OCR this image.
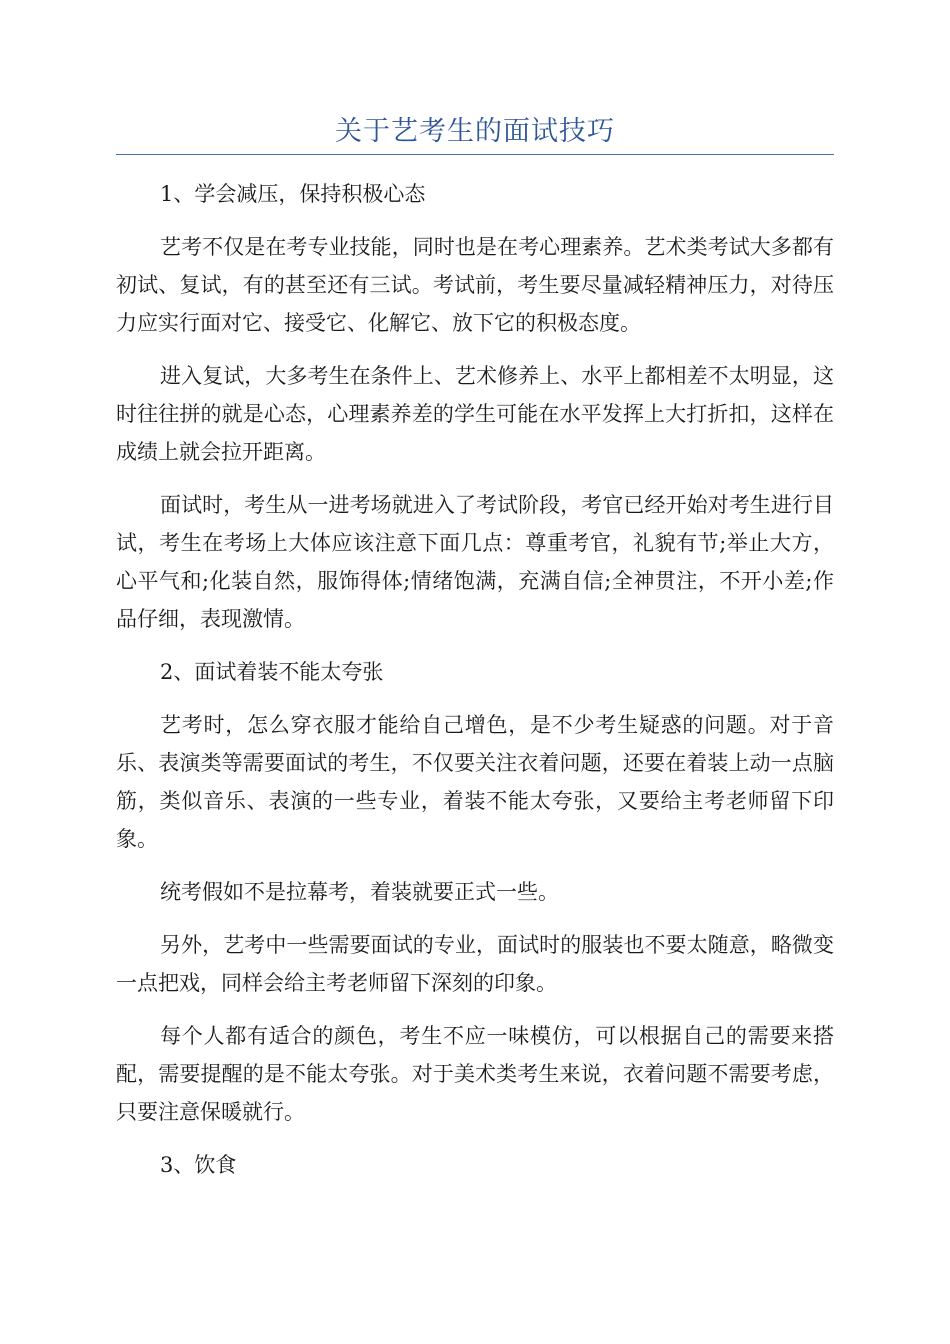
关于艺考生的面试技巧
1、学会减压，保持积极心态

艺考不仅是在考专业技能，同时也是在考心理素养。艺术类考试大多都有初试、复试，有的甚至还有三试。考试前，考生要尽量减轻精神压力，对待压力应实行面对它、接受它、化解它、放下它的积极态度。

进入复试，大多考生在条件上、艺术修养上、水平上都相差不太明显，这时往往拼的就是心态，心理素养差的学生可能在水平发挥上大打折扣，这样在成绩上就会拉开距离。

面试时，考生从一进考场就进入了考试阶段，考官已经开始对考生进行目试，考生在考场上大体应该注意下面几点：尊重考官，礼貌有节;举止大方，心平气和;化装自然，服饰得体;情绪饱满，充满自信;全神贯注，不开小差;作品仔细，表现激情。

2、面试着装不能太夸张

艺考时，怎么穿衣服才能给自己增色，是不少考生疑惑的问题。对于音乐、表演类等需要面试的考生，不仅要关注衣着问题，还要在着装上动一点脑筋，类似音乐、表演的一些专业，着装不能太夸张，又要给主考老师留下印象。

统考假如不是拉幕考，着装就要正式一些。

另外，艺考中一些需要面试的专业，面试时的服装也不要太随意，略微变一点把戏，同样会给主考老师留下深刻的印象。

每个人都有适合的颜色，考生不应一味模仿，可以根据自己的需要来搭配，需要提醒的是不能太夸张。对于美术类考生来说，衣着问题不需要考虑，只要注意保暖就行。

3、饮食
